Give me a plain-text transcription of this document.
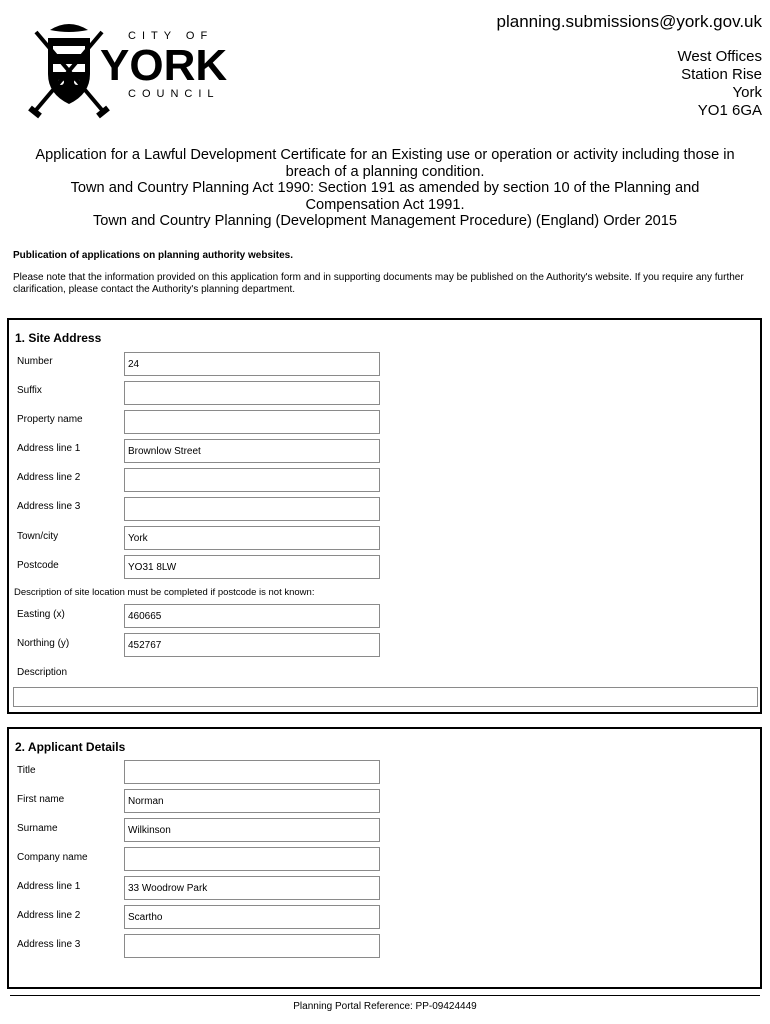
CITY OF
YORK
COUNCIL
planning.submissions@york.gov.uk
West Offices
Station Rise
York
YO1 6GA
Application for a Lawful Development Certificate for an Existing use or operation or activity including those in
breach of a planning condition.
Town and Country Planning Act 1990: Section 191 as amended by section 10 of the Planning and
Compensation Act 1991.
Town and Country Planning (Development Management Procedure) (England) Order 2015
Publication of applications on planning authority websites.
Please note that the information provided on this application form and in supporting documents may be published on the Authority's website. If you require any further clarification, please contact the Authority's planning department.
1. Site Address
Number	24
Suffix
Property name
Address line 1	Brownlow Street
Address line 2
Address line 3
Town/city	York
Postcode	YO31 8LW
Description of site location must be completed if postcode is not known:
Easting (x)	460665
Northing (y)	452767
Description
2. Applicant Details
Title
First name	Norman
Surname	Wilkinson
Company name
Address line 1	33 Woodrow Park
Address line 2	Scartho
Address line 3
Planning Portal Reference: PP-09424449
